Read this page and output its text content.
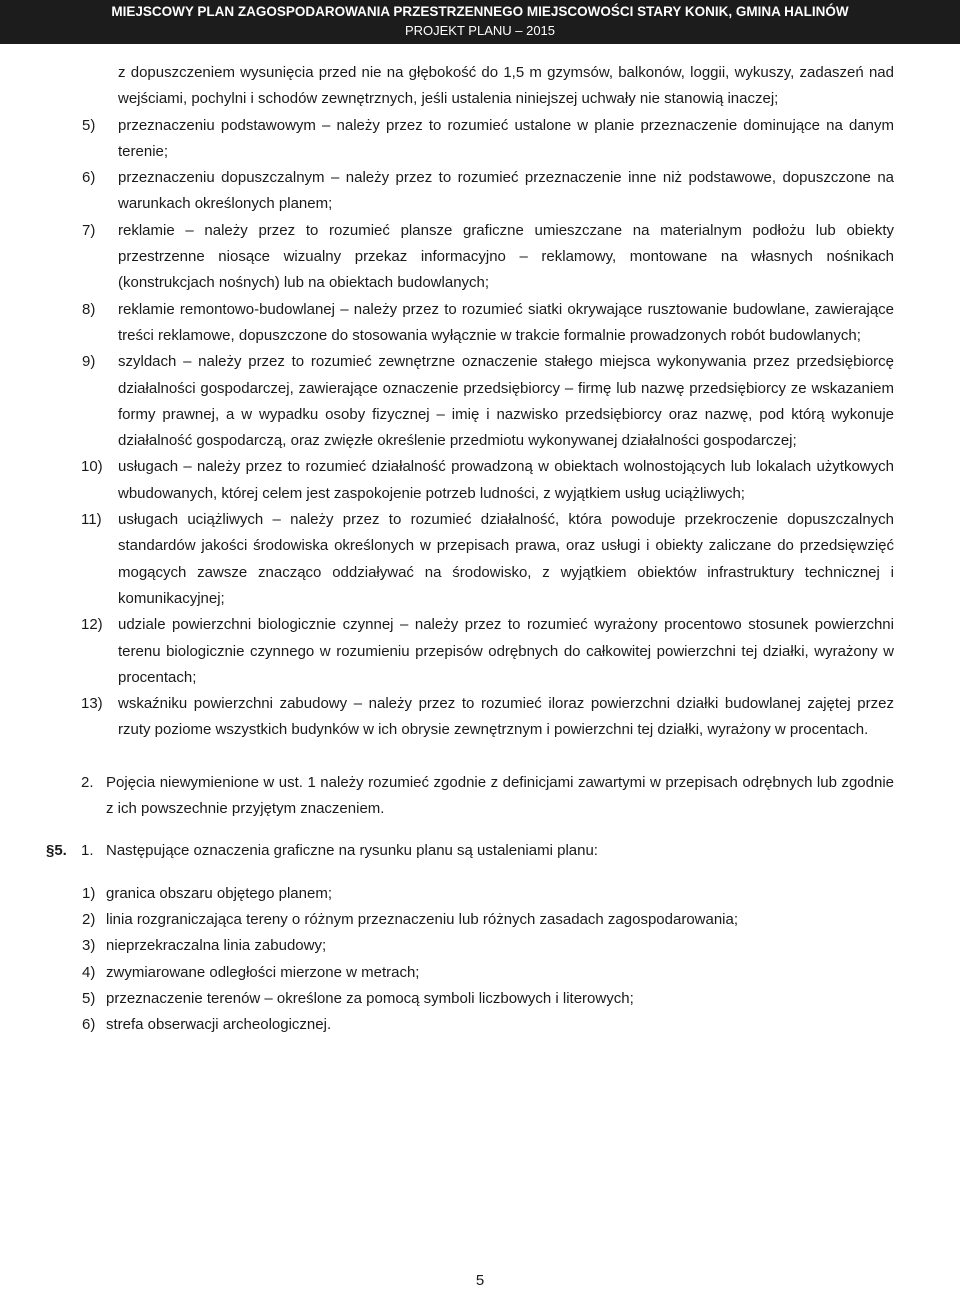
MIEJSCOWY PLAN ZAGOSPODAROWANIA PRZESTRZENNEGO MIEJSCOWOŚCI STARY KONIK, GMINA HALINÓW
PROJEKT PLANU – 2015
z dopuszczeniem wysunięcia przed nie na głębokość do 1,5 m gzymsów, balkonów, loggii, wykuszy, zadaszeń nad wejściami, pochylni i schodów zewnętrznych, jeśli ustalenia niniejszej uchwały nie stanowią inaczej;
5) przeznaczeniu podstawowym – należy przez to rozumieć ustalone w planie przeznaczenie dominujące na danym terenie;
6) przeznaczeniu dopuszczalnym – należy przez to rozumieć przeznaczenie inne niż podstawowe, dopuszczone na warunkach określonych planem;
7) reklamie – należy przez to rozumieć plansze graficzne umieszczane na materialnym podłożu lub obiekty przestrzenne niosące wizualny przekaz informacyjno – reklamowy, montowane na własnych nośnikach (konstrukcjach nośnych) lub na obiektach budowlanych;
8) reklamie remontowo-budowlanej – należy przez to rozumieć siatki okrywające rusztowanie budowlane, zawierające treści reklamowe, dopuszczone do stosowania wyłącznie w trakcie formalnie prowadzonych robót budowlanych;
9) szyldach – należy przez to rozumieć zewnętrzne oznaczenie stałego miejsca wykonywania przez przedsiębiorcę działalności gospodarczej, zawierające oznaczenie przedsiębiorcy – firmę lub nazwę przedsiębiorcy ze wskazaniem formy prawnej, a w wypadku osoby fizycznej – imię i nazwisko przedsiębiorcy oraz nazwę, pod którą wykonuje działalność gospodarczą, oraz zwięzłe określenie przedmiotu wykonywanej działalności gospodarczej;
10) usługach – należy przez to rozumieć działalność prowadzoną w obiektach wolnostojących lub lokalach użytkowych wbudowanych, której celem jest zaspokojenie potrzeb ludności, z wyjątkiem usług uciążliwych;
11) usługach uciążliwych – należy przez to rozumieć działalność, która powoduje przekroczenie dopuszczalnych standardów jakości środowiska określonych w przepisach prawa, oraz usługi i obiekty zaliczane do przedsięwzięć mogących zawsze znacząco oddziaływać na środowisko, z wyjątkiem obiektów infrastruktury technicznej i komunikacyjnej;
12) udziale powierzchni biologicznie czynnej – należy przez to rozumieć wyrażony procentowo stosunek powierzchni terenu biologicznie czynnego w rozumieniu przepisów odrębnych do całkowitej powierzchni tej działki, wyrażony w procentach;
13) wskaźniku powierzchni zabudowy – należy przez to rozumieć iloraz powierzchni działki budowlanej zajętej przez rzuty poziome wszystkich budynków w ich obrysie zewnętrznym i powierzchni tej działki, wyrażony w procentach.
2. Pojęcia niewymienione w ust. 1 należy rozumieć zgodnie z definicjami zawartymi w przepisach odrębnych lub zgodnie z ich powszechnie przyjętym znaczeniem.
§5. 1. Następujące oznaczenia graficzne na rysunku planu są ustaleniami planu:
1) granica obszaru objętego planem;
2) linia rozgraniczająca tereny o różnym przeznaczeniu lub różnych zasadach zagospodarowania;
3) nieprzekraczalna linia zabudowy;
4) zwymiarowane odległości mierzone w metrach;
5) przeznaczenie terenów – określone za pomocą symboli liczbowych i literowych;
6) strefa obserwacji archeologicznej.
5
